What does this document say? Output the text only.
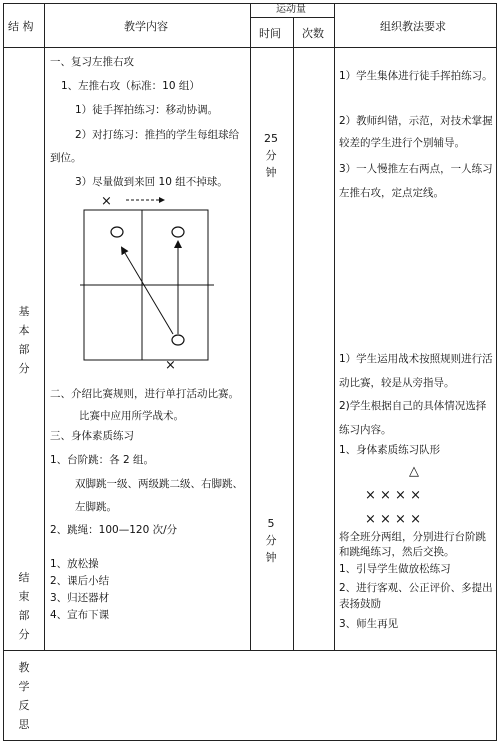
结 构	教学内容
运动量
时间 次数
组织教法要求
基
本
部
分
结
束
部
分
教
学
反
思
一、复习左推右攻
1、左推右攻（标准：10 组）
1）徒手挥拍练习：移动协调。
2）对打练习：推挡的学生每组球给
到位。
3）尽量做到来回 10 组不掉球。
×
×
二、介绍比赛规则，进行单打活动比赛。
比赛中应用所学战术。
三、身体素质练习
1、台阶跳：各 2 组。
双脚跳一级、两级跳二级、右脚跳、
左脚跳。
2、跳绳：100—120 次/分
1、放松操
2、课后小结
3、归还器材
4、宣布下课
25
分
钟
5
分
钟
1）学生集体进行徒手挥拍练习。
2）教师纠错，示范，对技术掌握较差的学生进行个别辅导。
3）一人慢推左右两点，一人练习左推右攻，定点定线。
1）学生运用战术按照规则进行活动比赛，较是从旁指导。
2)学生根据自己的具体情况选择练习内容。
1、身体素质练习队形
△
× × × ×
× × × ×
将全班分两组，分别进行台阶跳和跳绳练习，然后交换。
1、引导学生做放松练习
2、进行客观、公正评价、多提出表扬鼓励
3、师生再见
